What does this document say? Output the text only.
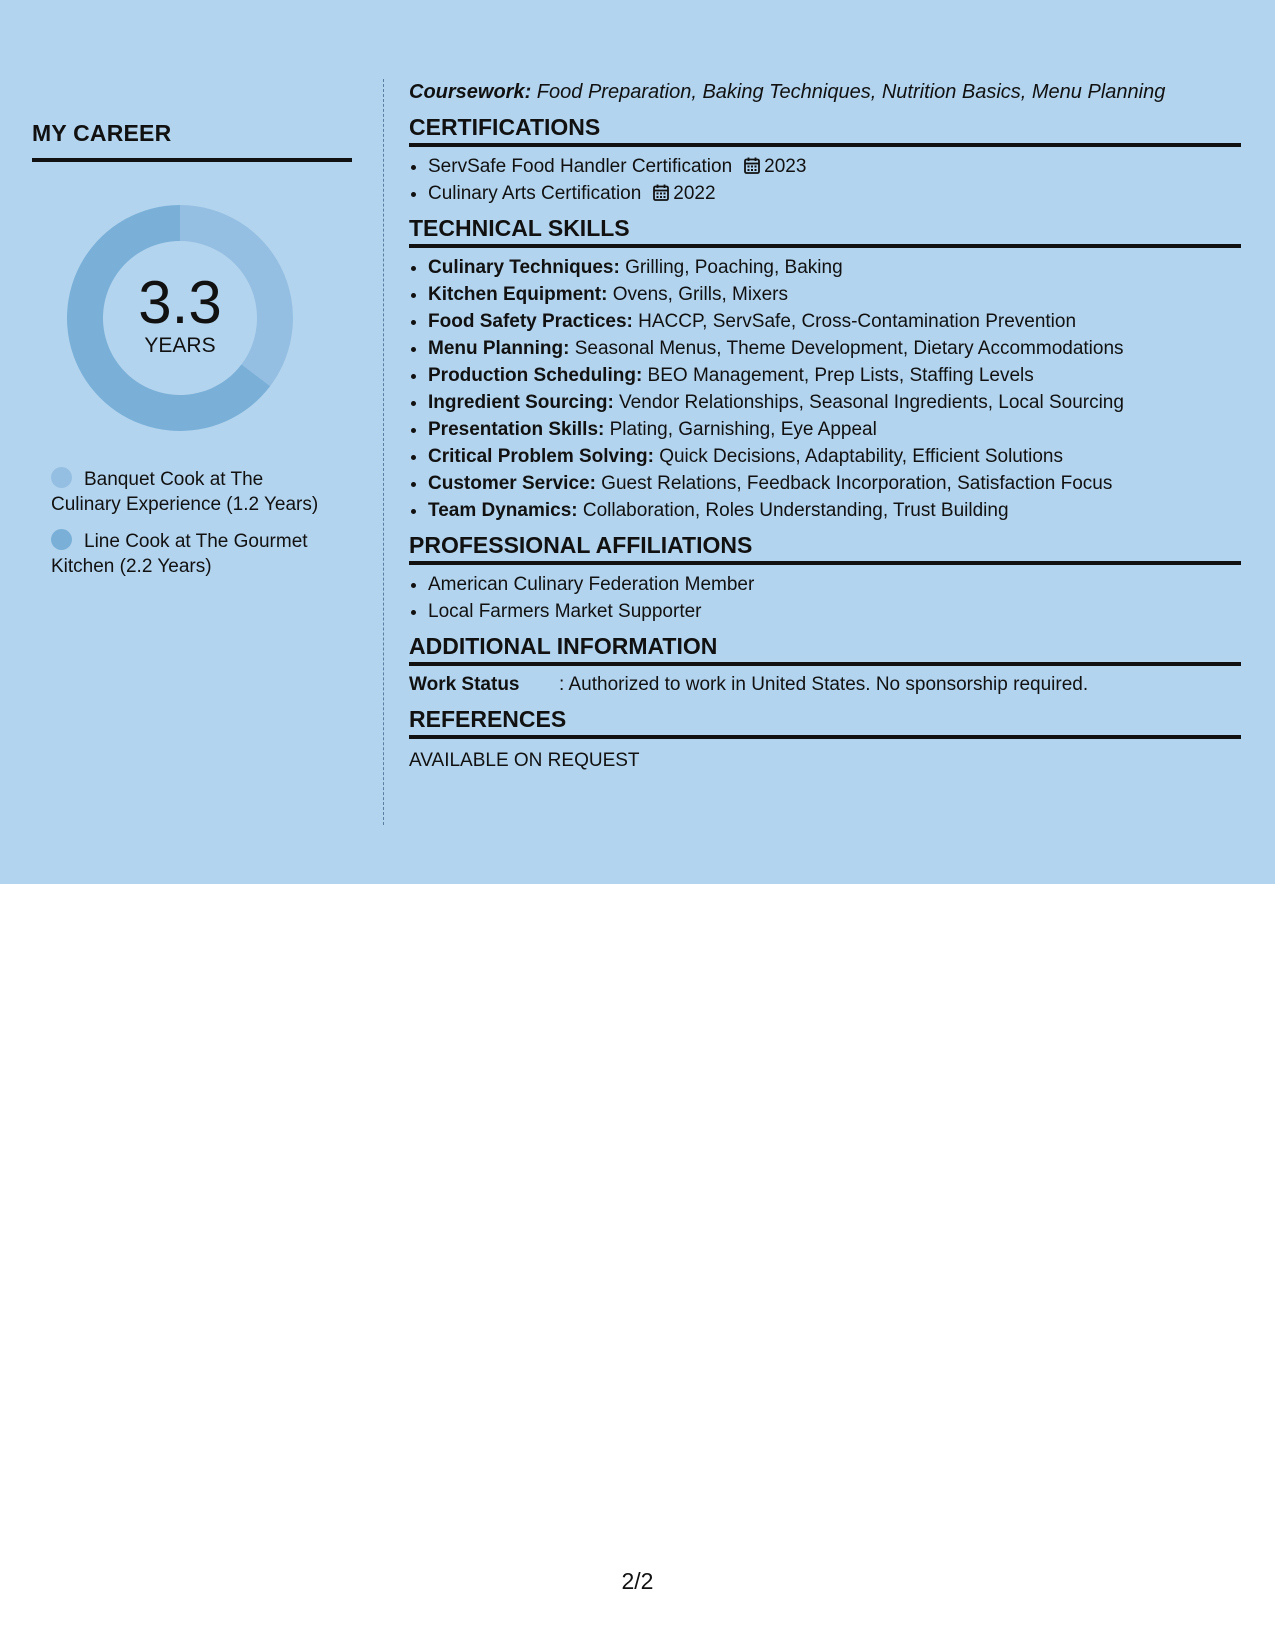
MY CAREER
3.3
YEARS
Banquet Cook at The Culinary Experience (1.2 Years)
Line Cook at The Gourmet Kitchen (2.2 Years)
Coursework: Food Preparation, Baking Techniques, Nutrition Basics, Menu Planning
CERTIFICATIONS
• ServSafe Food Handler Certification 2023
• Culinary Arts Certification 2022
TECHNICAL SKILLS
• Culinary Techniques: Grilling, Poaching, Baking
• Kitchen Equipment: Ovens, Grills, Mixers
• Food Safety Practices: HACCP, ServSafe, Cross-Contamination Prevention
• Menu Planning: Seasonal Menus, Theme Development, Dietary Accommodations
• Production Scheduling: BEO Management, Prep Lists, Staffing Levels
• Ingredient Sourcing: Vendor Relationships, Seasonal Ingredients, Local Sourcing
• Presentation Skills: Plating, Garnishing, Eye Appeal
• Critical Problem Solving: Quick Decisions, Adaptability, Efficient Solutions
• Customer Service: Guest Relations, Feedback Incorporation, Satisfaction Focus
• Team Dynamics: Collaboration, Roles Understanding, Trust Building
PROFESSIONAL AFFILIATIONS
• American Culinary Federation Member
• Local Farmers Market Supporter
ADDITIONAL INFORMATION
Work Status	: Authorized to work in United States. No sponsorship required.
REFERENCES
AVAILABLE ON REQUEST
2/2
